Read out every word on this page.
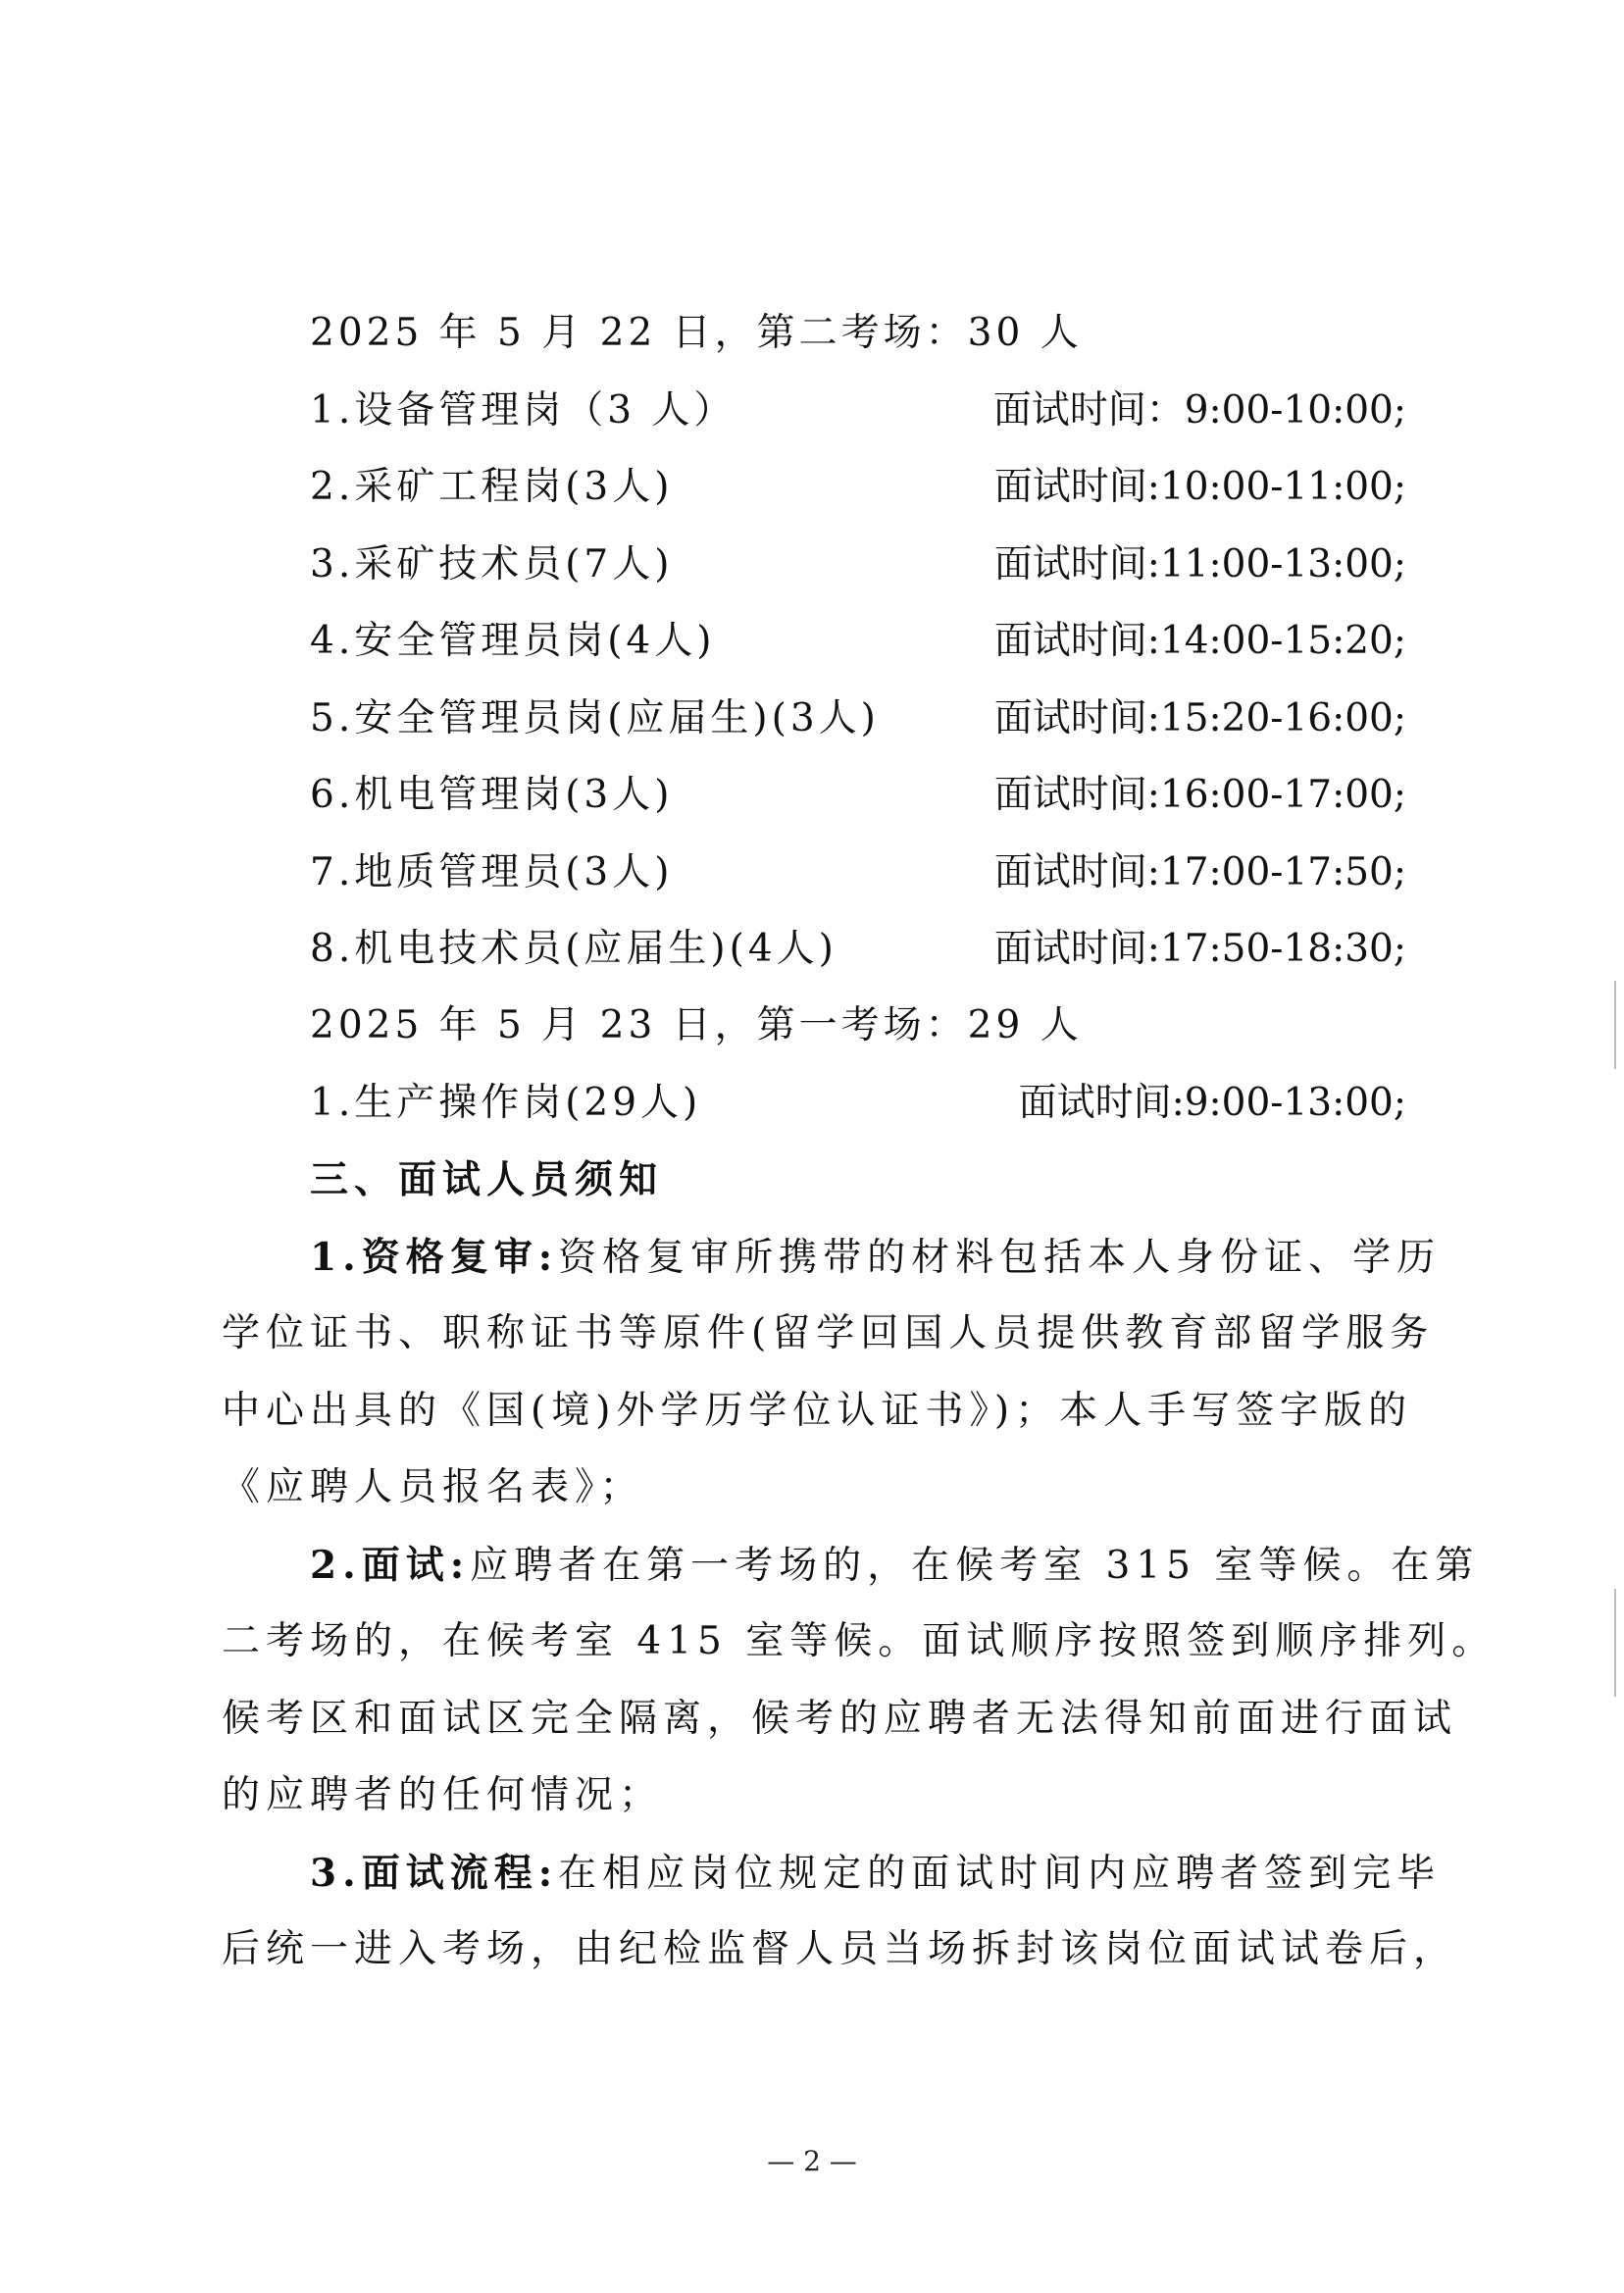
2025 年 5 月 22 日，第二考场：30 人
1.设备管理岗（3 人）	面试时间：9:00-10:00;
2.采矿工程岗(3人)	面试时间:10:00-11:00;
3.采矿技术员(7人)	面试时间:11:00-13:00;
4.安全管理员岗(4人)	面试时间:14:00-15:20;
5.安全管理员岗(应届生)(3人)	面试时间:15:20-16:00;
6.机电管理岗(3人)	面试时间:16:00-17:00;
7.地质管理员(3人)	面试时间:17:00-17:50;
8.机电技术员(应届生)(4人)	面试时间:17:50-18:30;
2025 年 5 月 23 日，第一考场：29 人
1.生产操作岗(29人)	面试时间:9:00-13:00;
三、面试人员须知
1.资格复审:资格复审所携带的材料包括本人身份证、学历
学位证书、职称证书等原件(留学回国人员提供教育部留学服务
中心出具的《国(境)外学历学位认证书》)；本人手写签字版的
《应聘人员报名表》；
2.面试:应聘者在第一考场的，在候考室 315 室等候。在第
二考场的，在候考室 415 室等候。面试顺序按照签到顺序排列。
候考区和面试区完全隔离，候考的应聘者无法得知前面进行面试
的应聘者的任何情况；
3.面试流程:在相应岗位规定的面试时间内应聘者签到完毕
后统一进入考场，由纪检监督人员当场拆封该岗位面试试卷后，
— 2 —
